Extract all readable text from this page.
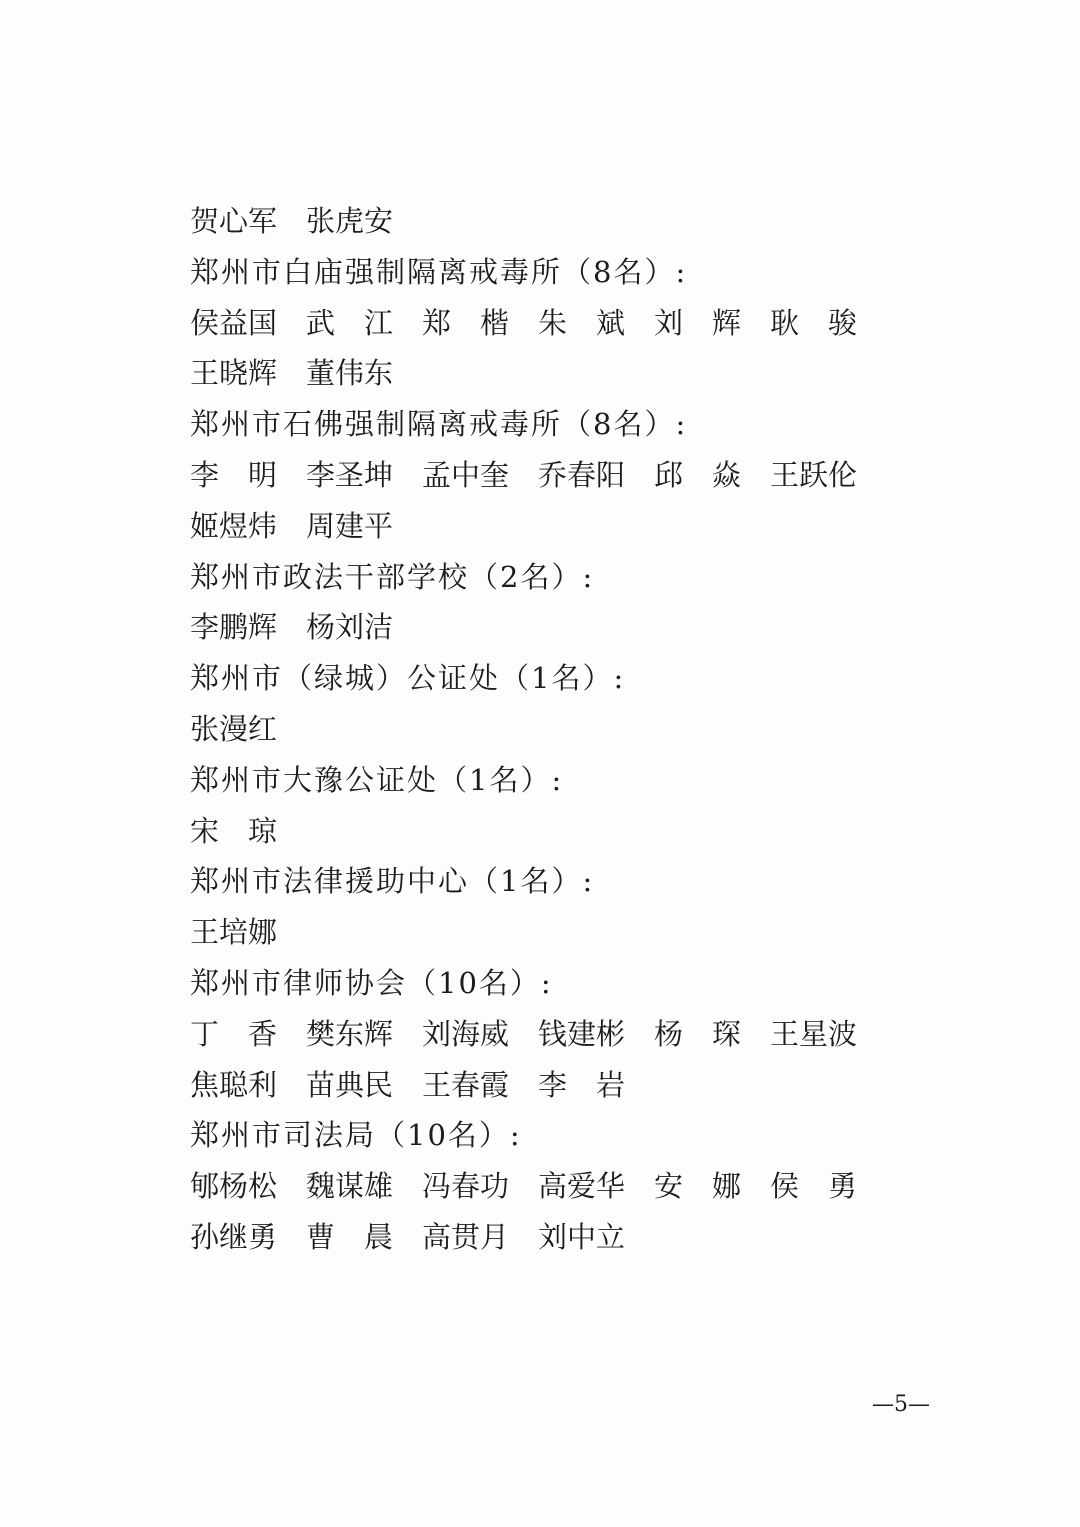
贺心军 张虎安
郑州市白庙强制隔离戒毒所（8名）:
侯益国 武　江 郑　楷 朱　斌 刘　辉 耿　骏
王晓辉 董伟东
郑州市石佛强制隔离戒毒所（8名）:
李　明 李圣坤 孟中奎 乔春阳 邱　焱 王跃伦
姬煜炜 周建平
郑州市政法干部学校（2名）:
李鹏辉 杨刘洁
郑州市（绿城）公证处（1名）:
张漫红
郑州市大豫公证处（1名）:
宋　琼
郑州市法律援助中心（1名）:
王培娜
郑州市律师协会（10名）:
丁　香 樊东辉 刘海威 钱建彬 杨　琛 王星波
焦聪利 苗典民 王春霞 李　岩
郑州市司法局（10名）:
郇杨松 魏谋雄 冯春功 高爱华 安　娜 侯　勇
孙继勇 曹　晨 高贯月 刘中立
—5—
